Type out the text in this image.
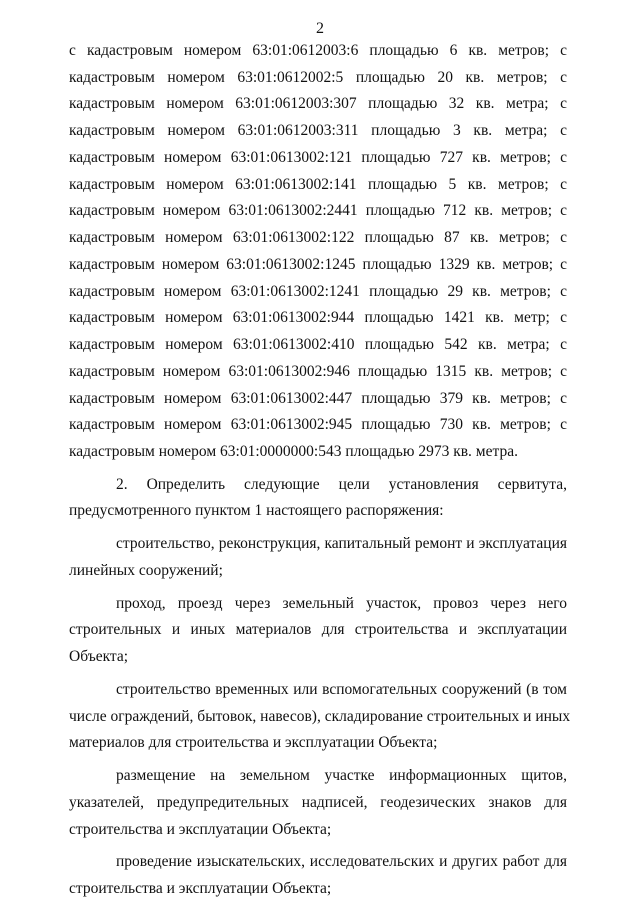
2
с кадастровым номером 63:01:0612003:6 площадью 6 кв. метров; с
кадастровым номером 63:01:0612002:5 площадью 20 кв. метров; с
кадастровым номером 63:01:0612003:307 площадью 32 кв. метра; с
кадастровым номером 63:01:0612003:311 площадью 3 кв. метра; с
кадастровым номером 63:01:0613002:121 площадью 727 кв. метров; с
кадастровым номером 63:01:0613002:141 площадью 5 кв. метров; с
кадастровым номером 63:01:0613002:2441 площадью 712 кв. метров; с
кадастровым номером 63:01:0613002:122 площадью 87 кв. метров; с
кадастровым номером 63:01:0613002:1245 площадью 1329 кв. метров; с
кадастровым номером 63:01:0613002:1241 площадью 29 кв. метров; с
кадастровым номером 63:01:0613002:944 площадью 1421 кв. метр; с
кадастровым номером 63:01:0613002:410 площадью 542 кв. метра; с
кадастровым номером 63:01:0613002:946 площадью 1315 кв. метров; с
кадастровым номером 63:01:0613002:447 площадью 379 кв. метров; с
кадастровым номером 63:01:0613002:945 площадью 730 кв. метров; с
кадастровым номером 63:01:0000000:543 площадью 2973 кв. метра.
2. Определить следующие цели установления сервитута,
предусмотренного пунктом 1 настоящего распоряжения:
строительство, реконструкция, капитальный ремонт и эксплуатация
линейных сооружений;
проход, проезд через земельный участок, провоз через него
строительных и иных материалов для строительства и эксплуатации
Объекта;
строительство временных или вспомогательных сооружений (в том
числе ограждений, бытовок, навесов), складирование строительных и иных
материалов для строительства и эксплуатации Объекта;
размещение на земельном участке информационных щитов,
указателей, предупредительных надписей, геодезических знаков для
строительства и эксплуатации Объекта;
проведение изыскательских, исследовательских и других работ для
строительства и эксплуатации Объекта;
